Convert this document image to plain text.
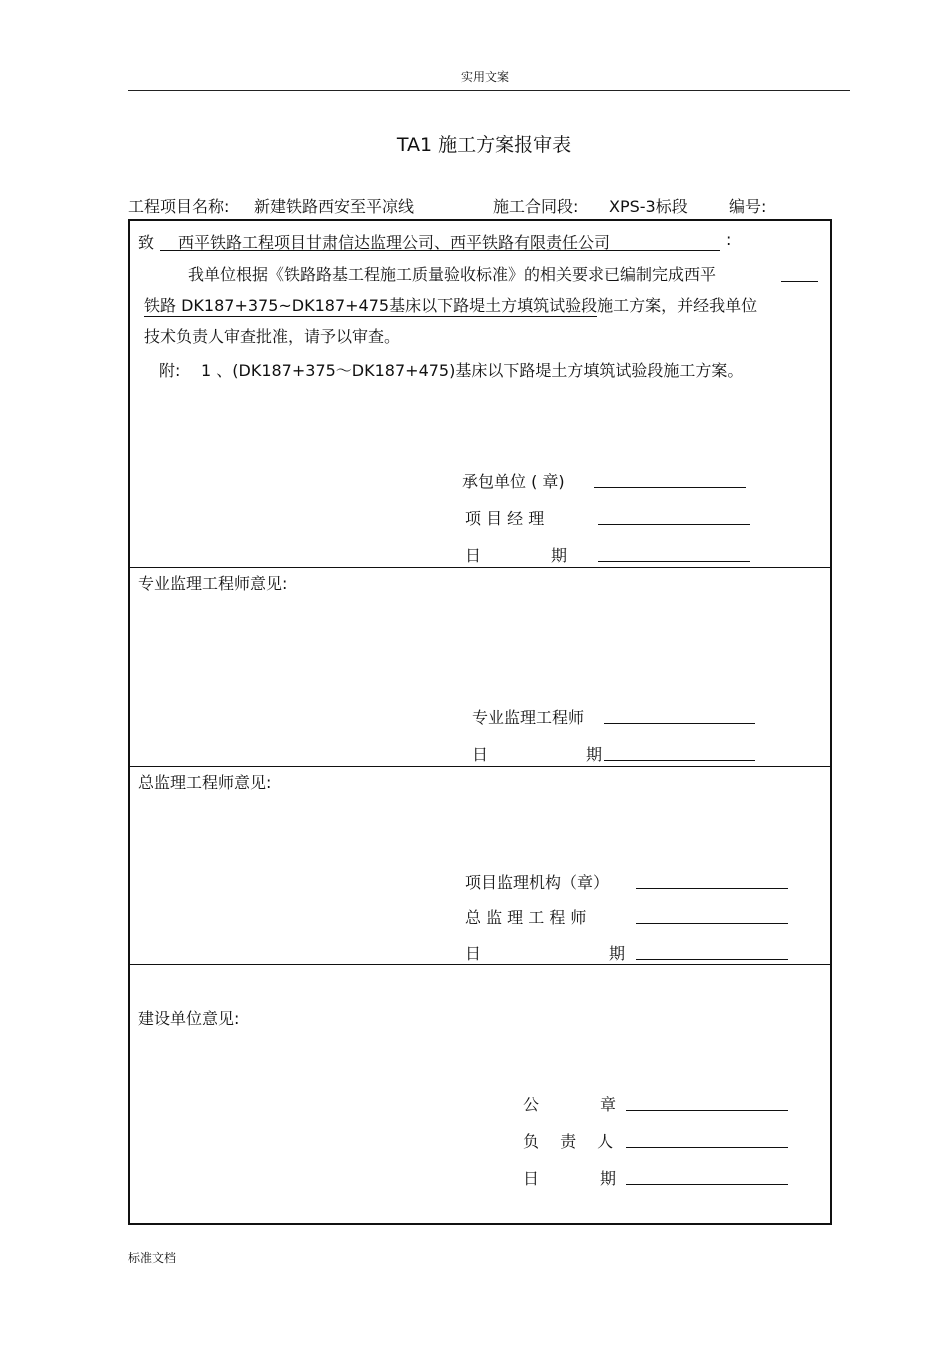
实用文案
TA1 施工方案报审表
工程项目名称: 新建铁路西安至平凉线	施工合同段: XPS-3标段	编号:
致 西平铁路工程项目甘肃信达监理公司、西平铁路有限责任公司	:
我单位根据《铁路路基工程施工质量验收标准》的相关要求已编制完成西平
铁路 DK187+375~DK187+475基床以下路堤土方填筑试验段施工方案，并经我单位
技术负责人审查批准，请予以审查。
附: 1 、(DK187+375～DK187+475)基床以下路堤土方填筑试验段施工方案。
承包单位 ( 章)
项 目 经 理
日	期
专业监理工程师意见:
专业监理工程师
日	期
总监理工程师意见:
项目监理机构（章）
总 监 理 工 程 师
日	期
建设单位意见:
公	章
负　 责　 人
日	期
标准文档
